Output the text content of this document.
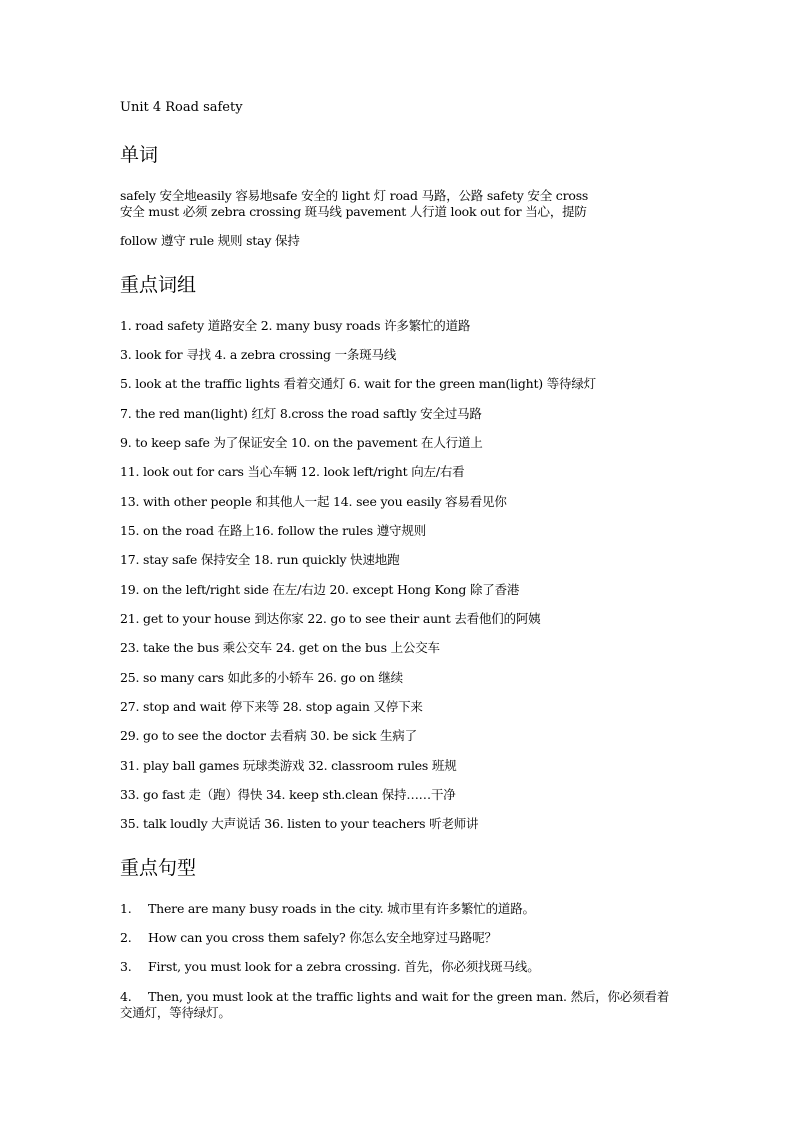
Unit 4 Road safety
单词
safely 安全地easily 容易地safe 安全的 light 灯 road 马路，公路 safety 安全 cross
安全 must 必须 zebra crossing 斑马线 pavement 人行道 look out for 当心，提防
follow 遵守 rule 规则 stay 保持
重点词组
1. road safety 道路安全 2. many busy roads 许多繁忙的道路
3. look for 寻找 4. a zebra crossing 一条斑马线
5. look at the traffic lights 看着交通灯 6. wait for the green man(light) 等待绿灯
7. the red man(light) 红灯 8.cross the road saftly 安全过马路
9. to keep safe 为了保证安全 10. on the pavement 在人行道上
11. look out for cars 当心车辆 12. look left/right 向左/右看
13. with other people 和其他人一起 14. see you easily 容易看见你
15. on the road 在路上16. follow the rules 遵守规则
17. stay safe 保持安全 18. run quickly 快速地跑
19. on the left/right side 在左/右边 20. except Hong Kong 除了香港
21. get to your house 到达你家 22. go to see their aunt 去看他们的阿姨
23. take the bus 乘公交车 24. get on the bus 上公交车
25. so many cars 如此多的小轿车 26. go on 继续
27. stop and wait 停下来等 28. stop again 又停下来
29. go to see the doctor 去看病 30. be sick 生病了
31. play ball games 玩球类游戏 32. classroom rules 班规
33. go fast 走（跑）得快 34. keep sth.clean 保持……干净
35. talk loudly 大声说话 36. listen to your teachers 听老师讲
重点句型
1. There are many busy roads in the city. 城市里有许多繁忙的道路。
2. How can you cross them safely? 你怎么安全地穿过马路呢？
3. First, you must look for a zebra crossing. 首先，你必须找斑马线。
4. Then, you must look at the traffic lights and wait for the green man. 然后，你必须看着交通灯，等待绿灯。
